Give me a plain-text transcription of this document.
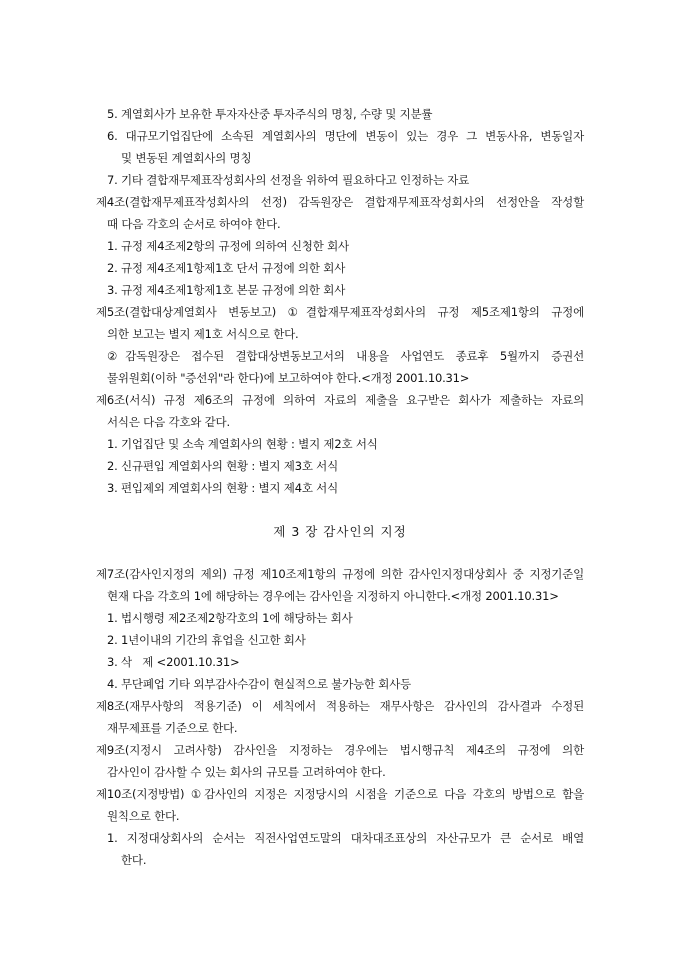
5. 계열회사가 보유한 투자자산중 투자주식의 명칭, 수량 및 지분률
6. 대규모기업집단에 소속된 계열회사의 명단에 변동이 있는 경우 그 변동사유, 변동일자
및 변동된 계열회사의 명칭
7. 기타 결합재무제표작성회사의 선정을 위하여 필요하다고 인정하는 자료
제4조(결합재무제표작성회사의 선정) 감독원장은 결합재무제표작성회사의 선정안을 작성할
때 다음 각호의 순서로 하여야 한다.
1. 규정 제4조제2항의 규정에 의하여 신청한 회사
2. 규정 제4조제1항제1호 단서 규정에 의한 회사
3. 규정 제4조제1항제1호 본문 규정에 의한 회사
제5조(결합대상계열회사 변동보고) ①결합재무제표작성회사의 규정 제5조제1항의 규정에
의한 보고는 별지 제1호 서식으로 한다.
②감독원장은 접수된 결합대상변동보고서의 내용을 사업연도 종료후 5월까지 증권선
물위원회(이하 "증선위"라 한다)에 보고하여야 한다.<개정 2001.10.31>
제6조(서식) 규정 제6조의 규정에 의하여 자료의 제출을 요구받은 회사가 제출하는 자료의
서식은 다음 각호와 같다.
1. 기업집단 및 소속 계열회사의 현황 : 별지 제2호 서식
2. 신규편입 계열회사의 현황 : 별지 제3호 서식
3. 편입제외 계열회사의 현황 : 별지 제4호 서식
제 3 장 감사인의 지정
제7조(감사인지정의 제외) 규정 제10조제1항의 규정에 의한 감사인지정대상회사 중 지정기준일
현재 다음 각호의 1에 해당하는 경우에는 감사인을 지정하지 아니한다.<개정 2001.10.31>
1. 법시행령 제2조제2항각호의 1에 해당하는 회사
2. 1년이내의 기간의 휴업을 신고한 회사
3. 삭   제 <2001.10.31>
4. 무단폐업 기타 외부감사수감이 현실적으로 불가능한 회사등
제8조(재무사항의 적용기준) 이 세칙에서 적용하는 재무사항은 감사인의 감사결과 수정된
재무제표를 기준으로 한다.
제9조(지정시 고려사항) 감사인을 지정하는 경우에는 법시행규칙 제4조의 규정에 의한
감사인이 감사할 수 있는 회사의 규모를 고려하여야 한다.
제10조(지정방법) ①감사인의 지정은 지정당시의 시점을 기준으로 다음 각호의 방법으로 함을
원칙으로 한다.
1. 지정대상회사의 순서는 직전사업연도말의 대차대조표상의 자산규모가 큰 순서로 배열
한다.
